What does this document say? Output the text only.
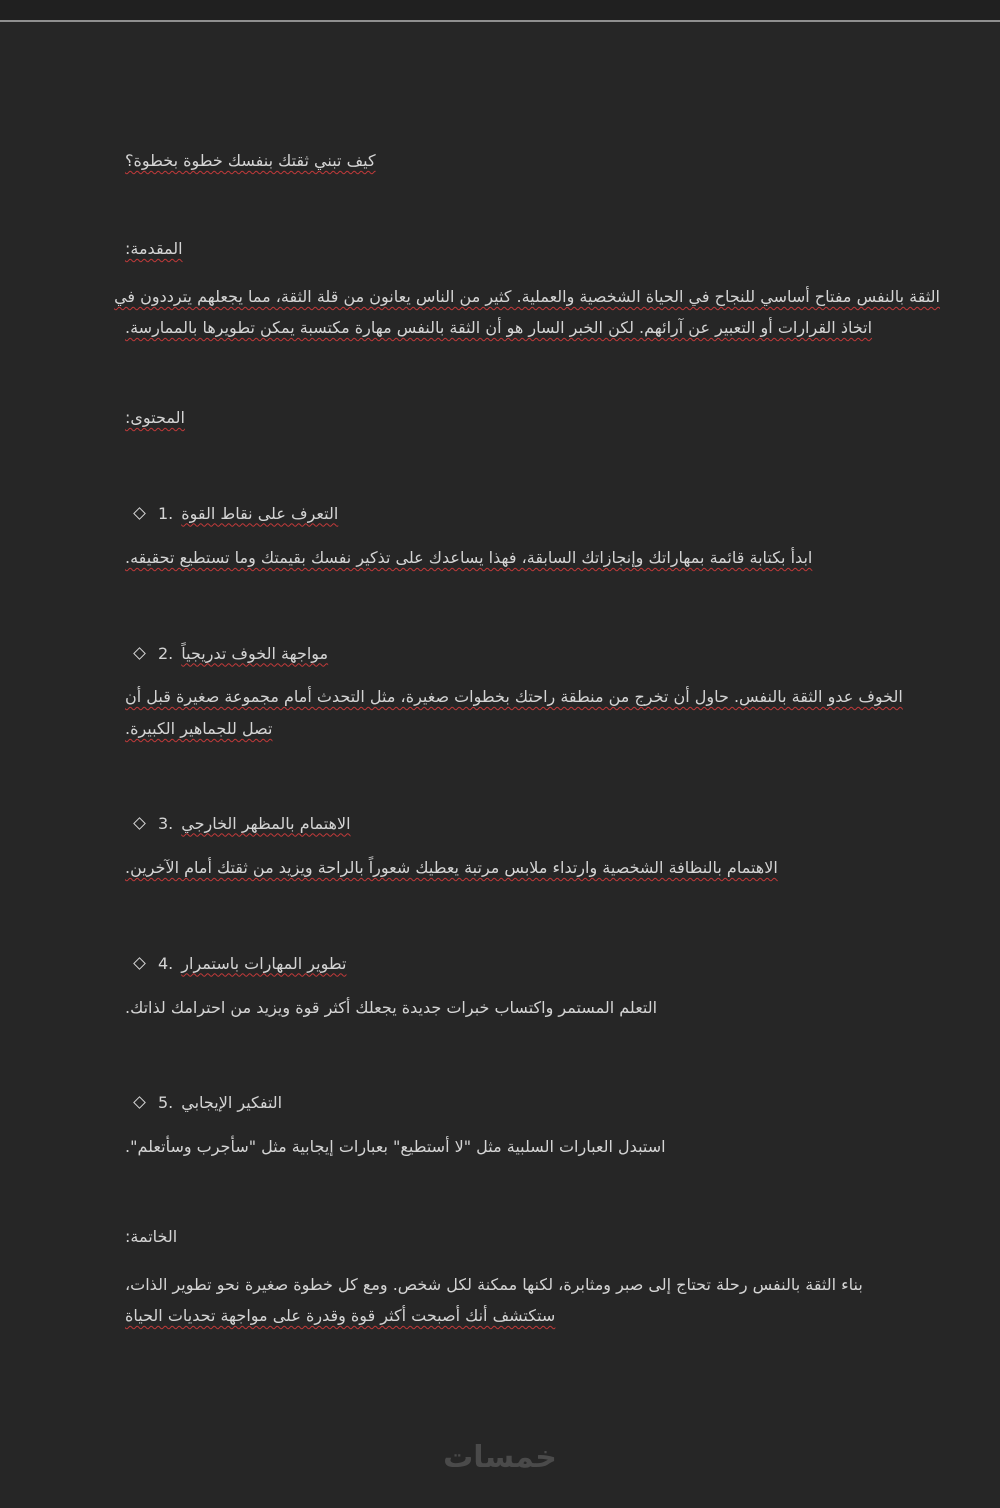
كيف تبني ثقتك بنفسك خطوة بخطوة؟
المقدمة:
الثقة بالنفس مفتاح أساسي للنجاح في الحياة الشخصية والعملية. كثير من الناس يعانون من قلة الثقة، مما يجعلهم يترددون في
اتخاذ القرارات أو التعبير عن آرائهم. لكن الخبر السار هو أن الثقة بالنفس مهارة مكتسبة يمكن تطويرها بالممارسة.
المحتوى:
1. التعرف على نقاط القوة
ابدأ بكتابة قائمة بمهاراتك وإنجازاتك السابقة، فهذا يساعدك على تذكير نفسك بقيمتك وما تستطيع تحقيقه.
2. مواجهة الخوف تدريجياً
الخوف عدو الثقة بالنفس. حاول أن تخرج من منطقة راحتك بخطوات صغيرة، مثل التحدث أمام مجموعة صغيرة قبل أن
تصل للجماهير الكبيرة.
3. الاهتمام بالمظهر الخارجي
الاهتمام بالنظافة الشخصية وارتداء ملابس مرتبة يعطيك شعوراً بالراحة ويزيد من ثقتك أمام الآخرين.
4. تطوير المهارات باستمرار
التعلم المستمر واكتساب خبرات جديدة يجعلك أكثر قوة ويزيد من احترامك لذاتك.
5. التفكير الإيجابي
استبدل العبارات السلبية مثل "لا أستطيع" بعبارات إيجابية مثل "سأجرب وسأتعلم".
الخاتمة:
بناء الثقة بالنفس رحلة تحتاج إلى صبر ومثابرة، لكنها ممكنة لكل شخص. ومع كل خطوة صغيرة نحو تطوير الذات،
ستكتشف أنك أصبحت أكثر قوة وقدرة على مواجهة تحديات الحياة
خمسات
